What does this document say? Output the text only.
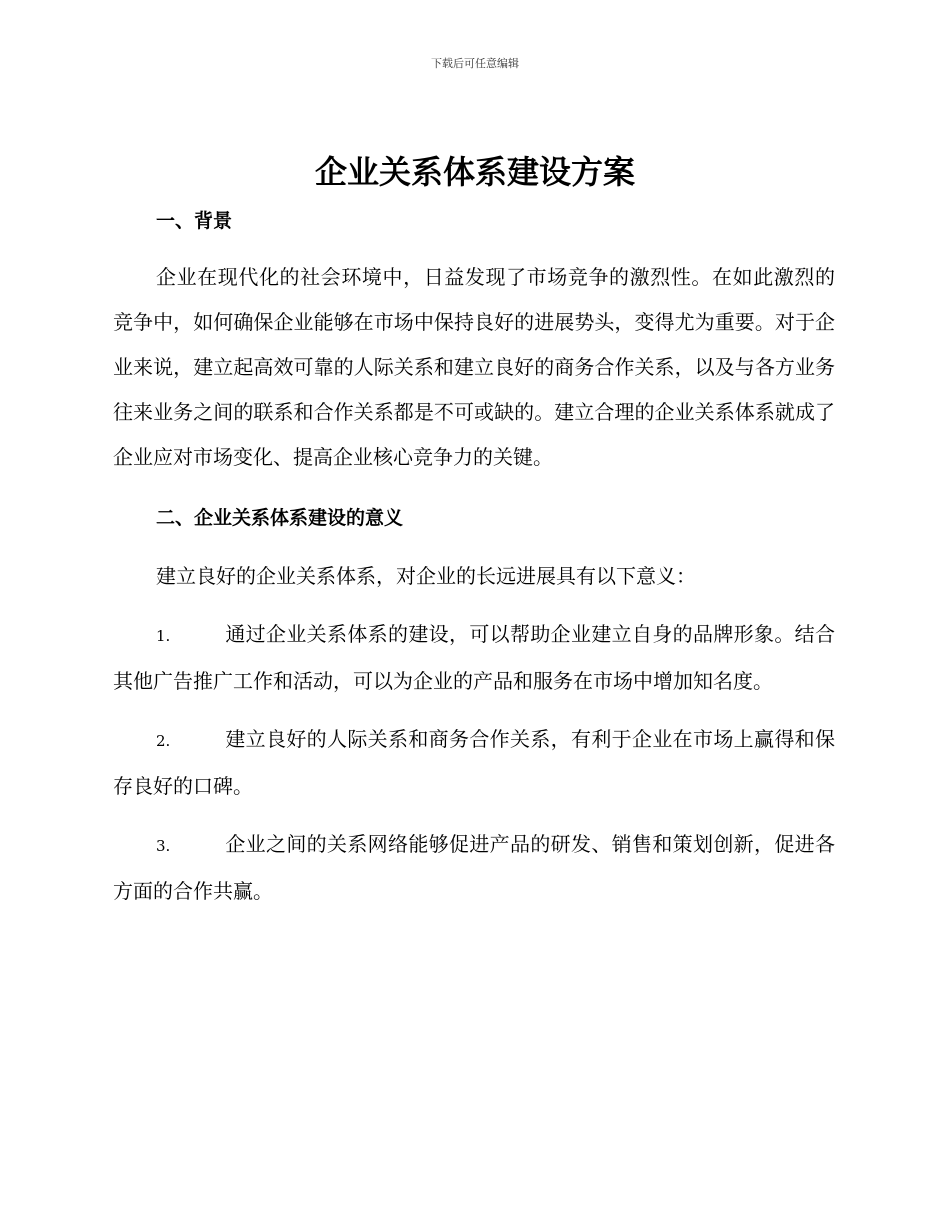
下载后可任意编辑
企业关系体系建设方案
一、背景

企业在现代化的社会环境中，日益发现了市场竞争的激烈性。在如此激烈的竞争中，如何确保企业能够在市场中保持良好的进展势头，变得尤为重要。对于企业来说，建立起高效可靠的人际关系和建立良好的商务合作关系，以及与各方业务往来业务之间的联系和合作关系都是不可或缺的。建立合理的企业关系体系就成了企业应对市场变化、提高企业核心竞争力的关键。

二、企业关系体系建设的意义

建立良好的企业关系体系，对企业的长远进展具有以下意义：

1.	通过企业关系体系的建设，可以帮助企业建立自身的品牌形象。结合其他广告推广工作和活动，可以为企业的产品和服务在市场中增加知名度。

2.	建立良好的人际关系和商务合作关系，有利于企业在市场上赢得和保存良好的口碑。

3.	企业之间的关系网络能够促进产品的研发、销售和策划创新，促进各方面的合作共赢。
